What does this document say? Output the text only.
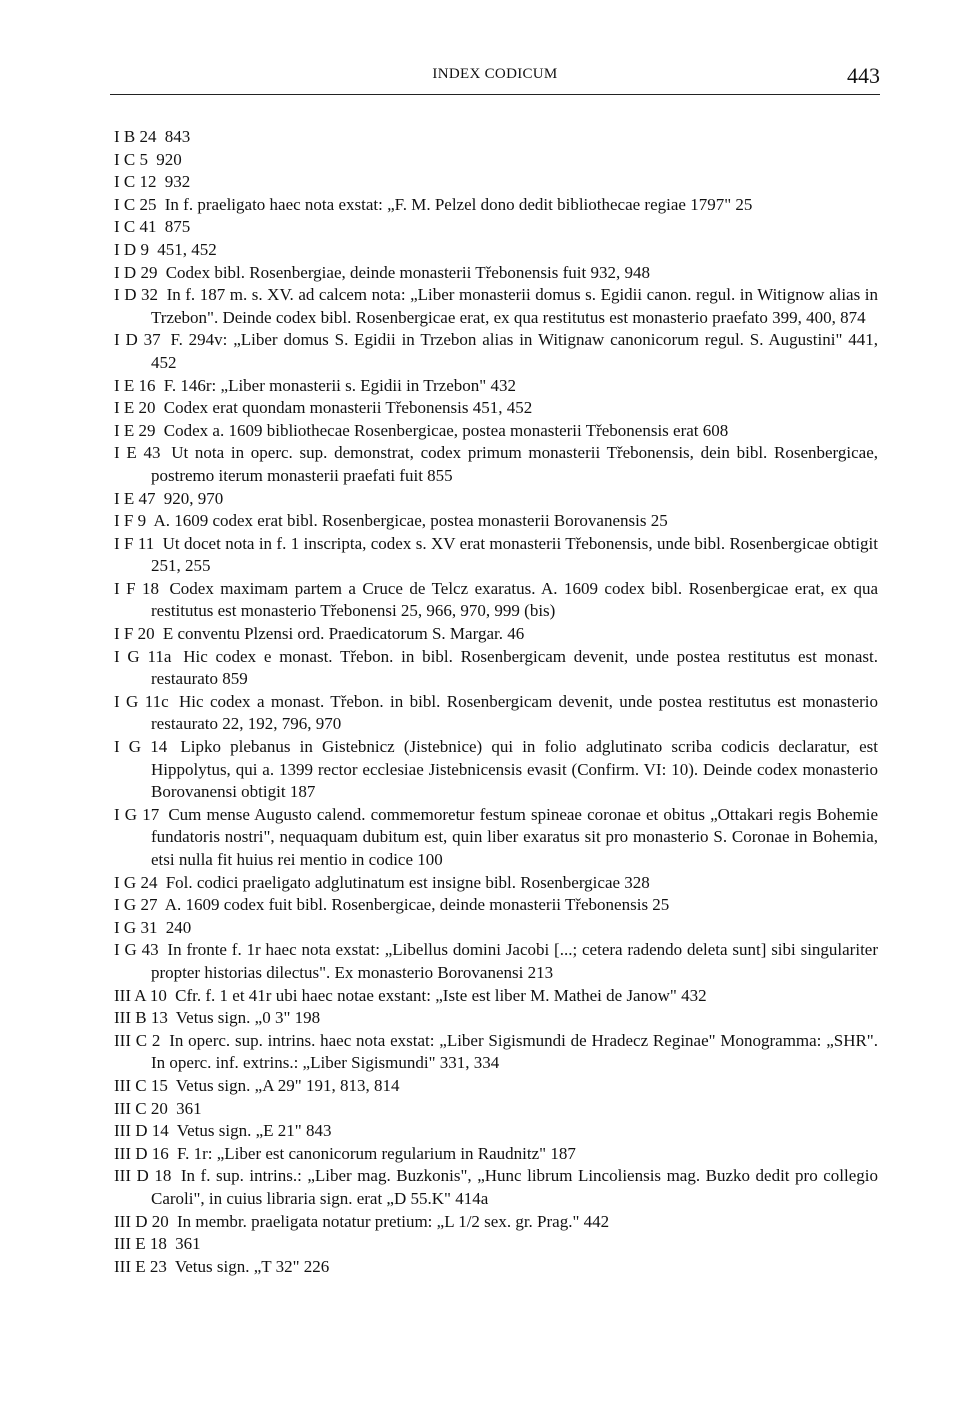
INDEX CODICUM	443
I B 24 843
I C 5 920
I C 12 932
I C 25 In f. praeligato haec nota exstat: „F. M. Pelzel dono dedit bibliothecae regiae 1797" 25
I C 41 875
I D 9 451, 452
I D 29 Codex bibl. Rosenbergiae, deinde monasterii Třebonensis fuit 932, 948
I D 32 In f. 187 m. s. XV. ad calcem nota: „Liber monasterii domus s. Egidii canon. regul. in Witignow alias in Trzebon". Deinde codex bibl. Rosenbergicae erat, ex qua restitutus est monasterio praefato 399, 400, 874
I D 37 F. 294v: „Liber domus S. Egidii in Trzebon alias in Witignaw canonicorum regul. S. Augustini" 441, 452
I E 16 F. 146r: „Liber monasterii s. Egidii in Trzebon" 432
I E 20 Codex erat quondam monasterii Třebonensis 451, 452
I E 29 Codex a. 1609 bibliothecae Rosenbergicae, postea monasterii Třebonensis erat 608
I E 43 Ut nota in operc. sup. demonstrat, codex primum monasterii Třebonensis, dein bibl. Rosenbergicae, postremo iterum monasterii praefati fuit 855
I E 47 920, 970
I F 9 A. 1609 codex erat bibl. Rosenbergicae, postea monasterii Borovanensis 25
I F 11 Ut docet nota in f. 1 inscripta, codex s. XV erat monasterii Třebonensis, unde bibl. Rosenbergicae obtigit 251, 255
I F 18 Codex maximam partem a Cruce de Telcz exaratus. A. 1609 codex bibl. Rosenbergicae erat, ex qua restitutus est monasterio Třebonensi 25, 966, 970, 999 (bis)
I F 20 E conventu Plzensi ord. Praedicatorum S. Margar. 46
I G 11a Hic codex e monast. Třebon. in bibl. Rosenbergicam devenit, unde postea restitutus est monast. restaurato 859
I G 11c Hic codex a monast. Třebon. in bibl. Rosenbergicam devenit, unde postea restitutus est monasterio restaurato 22, 192, 796, 970
I G 14 Lipko plebanus in Gistebnicz (Jistebnice) qui in folio adglutinato scriba codicis declaratur, est Hippolytus, qui a. 1399 rector ecclesiae Jistebnicensis evasit (Confirm. VI: 10). Deinde codex monasterio Borovanensi obtigit 187
I G 17 Cum mense Augusto calend. commemoretur festum spineae coronae et obitus „Ottakari regis Bohemie fundatoris nostri", nequaquam dubitum est, quin liber exaratus sit pro monasterio S. Coronae in Bohemia, etsi nulla fit huius rei mentio in codice 100
I G 24 Fol. codici praeligato adglutinatum est insigne bibl. Rosenbergicae 328
I G 27 A. 1609 codex fuit bibl. Rosenbergicae, deinde monasterii Třebonensis 25
I G 31 240
I G 43 In fronte f. 1r haec nota exstat: „Libellus domini Jacobi [...; cetera radendo deleta sunt] sibi singulariter propter historias dilectus". Ex monasterio Borovanensi 213
III A 10 Cfr. f. 1 et 41r ubi haec notae exstant: „Iste est liber M. Mathei de Janow" 432
III B 13 Vetus sign. „0 3" 198
III C 2 In operc. sup. intrins. haec nota exstat: „Liber Sigismundi de Hradecz Reginae" Monogramma: „SHR". In operc. inf. extrins.: „Liber Sigismundi" 331, 334
III C 15 Vetus sign. „A 29" 191, 813, 814
III C 20 361
III D 14 Vetus sign. „E 21" 843
III D 16 F. 1r: „Liber est canonicorum regularium in Raudnitz" 187
III D 18 In f. sup. intrins.: „Liber mag. Buzkonis", „Hunc librum Lincoliensis mag. Buzko dedit pro collegio Caroli", in cuius libraria sign. erat „D 55.K" 414a
III D 20 In membr. praeligata notatur pretium: „L 1/2 sex. gr. Prag." 442
III E 18 361
III E 23 Vetus sign. „T 32" 226
